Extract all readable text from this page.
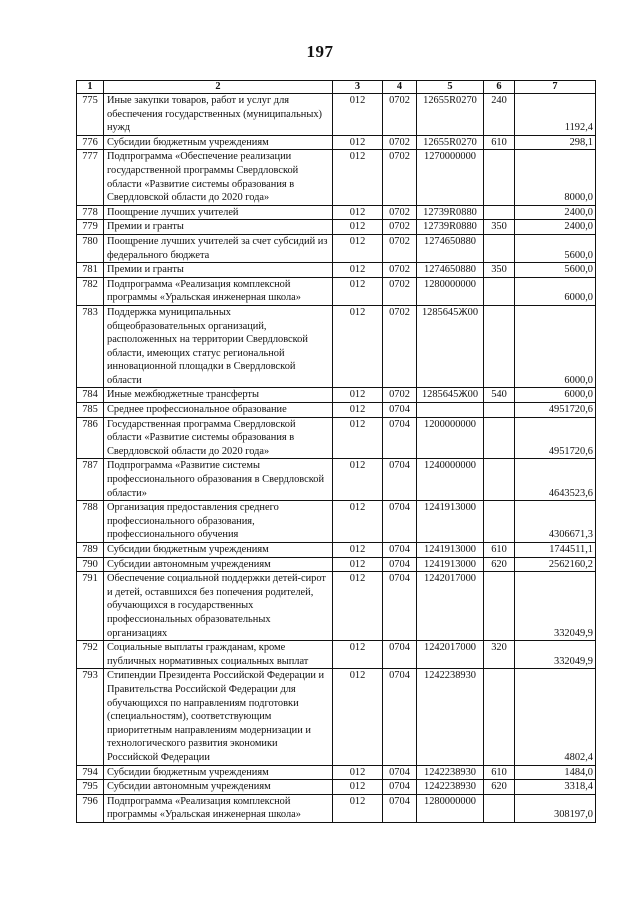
197
1	2	3	4	5	6	7
775	Иные закупки товаров, работ и услуг для обеспечения государственных (муниципальных) нужд	012	0702	12655R0270	240	1192,4
776	Субсидии бюджетным учреждениям	012	0702	12655R0270	610	298,1
777	Подпрограмма «Обеспечение реализации государственной программы Свердловской области «Развитие системы образования в Свердловской области до 2020 года»	012	0702	1270000000		8000,0
778	Поощрение лучших учителей	012	0702	12739R0880		2400,0
779	Премии и гранты	012	0702	12739R0880	350	2400,0
780	Поощрение лучших учителей за счет субсидий из федерального бюджета	012	0702	1274650880		5600,0
781	Премии и гранты	012	0702	1274650880	350	5600,0
782	Подпрограмма «Реализация комплексной программы «Уральская инженерная школа»	012	0702	1280000000		6000,0
783	Поддержка муниципальных общеобразовательных организаций, расположенных на территории Свердловской области, имеющих статус региональной инновационной площадки в Свердловской области	012	0702	1285645Ж00		6000,0
784	Иные межбюджетные трансферты	012	0702	1285645Ж00	540	6000,0
785	Среднее профессиональное образование	012	0704			4951720,6
786	Государственная программа Свердловской области «Развитие системы образования в Свердловской области до 2020 года»	012	0704	1200000000		4951720,6
787	Подпрограмма «Развитие системы профессионального образования в Свердловской области»	012	0704	1240000000		4643523,6
788	Организация предоставления среднего профессионального образования, профессионального обучения	012	0704	1241913000		4306671,3
789	Субсидии бюджетным учреждениям	012	0704	1241913000	610	1744511,1
790	Субсидии автономным учреждениям	012	0704	1241913000	620	2562160,2
791	Обеспечение социальной поддержки детей-сирот и детей, оставшихся без попечения родителей, обучающихся в государственных профессиональных образовательных организациях	012	0704	1242017000		332049,9
792	Социальные выплаты гражданам, кроме публичных нормативных социальных выплат	012	0704	1242017000	320	332049,9
793	Стипендии Президента Российской Федерации и Правительства Российской Федерации для обучающихся по направлениям подготовки (специальностям), соответствующим приоритетным направлениям модернизации и технологического развития экономики Российской Федерации	012	0704	1242238930		4802,4
794	Субсидии бюджетным учреждениям	012	0704	1242238930	610	1484,0
795	Субсидии автономным учреждениям	012	0704	1242238930	620	3318,4
796	Подпрограмма «Реализация комплексной программы «Уральская инженерная школа»	012	0704	1280000000		308197,0
